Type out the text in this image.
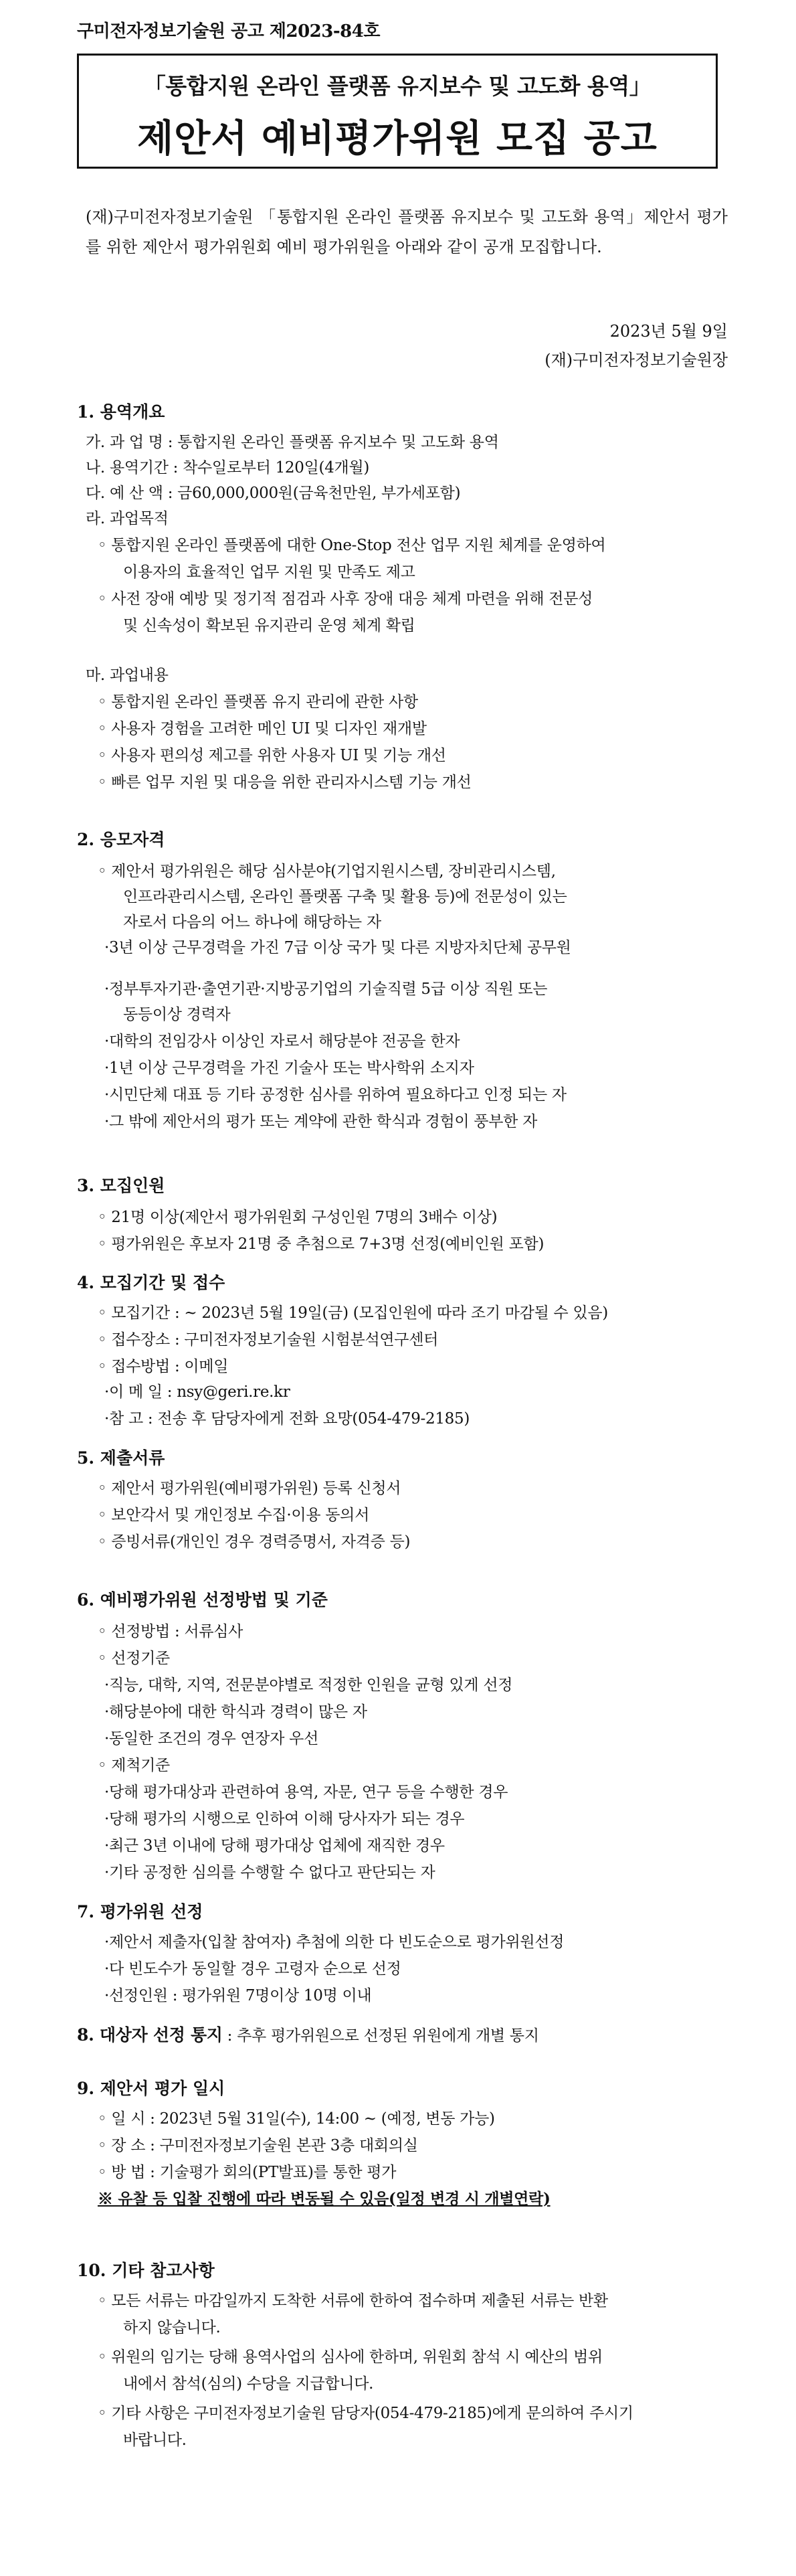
구미전자정보기술원 공고 제2023-84호
「통합지원 온라인 플랫폼 유지보수 및 고도화 용역」
제안서 예비평가위원 모집 공고
(재)구미전자정보기술원 「통합지원 온라인 플랫폼 유지보수 및 고도화 용역」제안서 평가를 위한 제안서 평가위원회 예비 평가위원을 아래와 같이 공개 모집합니다.
2023년 5월 9일
(재)구미전자정보기술원장
1. 용역개요
가. 과 업 명 : 통합지원 온라인 플랫폼 유지보수 및 고도화 용역
나. 용역기간 : 착수일로부터 120일(4개월)
다. 예 산 액 : 금60,000,000원(금육천만원, 부가세포함)
라. 과업목적
◦ 통합지원 온라인 플랫폼에 대한 One-Stop 전산 업무 지원 체계를 운영하여
이용자의 효율적인 업무 지원 및 만족도 제고
◦ 사전 장애 예방 및 정기적 점검과 사후 장애 대응 체계 마련을 위해 전문성
및 신속성이 확보된 유지관리 운영 체계 확립
마. 과업내용
◦ 통합지원 온라인 플랫폼 유지 관리에 관한 사항
◦ 사용자 경험을 고려한 메인 UI 및 디자인 재개발
◦ 사용자 편의성 제고를 위한 사용자 UI 및 기능 개선
◦ 빠른 업무 지원 및 대응을 위한 관리자시스템 기능 개선
2. 응모자격
◦ 제안서 평가위원은 해당 심사분야(기업지원시스템, 장비관리시스템,
인프라관리시스템, 온라인 플랫폼 구축 및 활용 등)에 전문성이 있는
자로서 다음의 어느 하나에 해당하는 자
·3년 이상 근무경력을 가진 7급 이상 국가 및 다른 지방자치단체 공무원
·정부투자기관·출연기관·지방공기업의 기술직렬 5급 이상 직원 또는
동등이상 경력자
·대학의 전임강사 이상인 자로서 해당분야 전공을 한자
·1년 이상 근무경력을 가진 기술사 또는 박사학위 소지자
·시민단체 대표 등 기타 공정한 심사를 위하여 필요하다고 인정 되는 자
·그 밖에 제안서의 평가 또는 계약에 관한 학식과 경험이 풍부한 자
3. 모집인원
◦ 21명 이상(제안서 평가위원회 구성인원 7명의 3배수 이상)
◦ 평가위원은 후보자 21명 중 추첨으로 7+3명 선정(예비인원 포함)
4. 모집기간 및 접수
◦ 모집기간 : ~ 2023년 5월 19일(금) (모집인원에 따라 조기 마감될 수 있음)
◦ 접수장소 : 구미전자정보기술원 시험분석연구센터
◦ 접수방법 : 이메일
·이 메 일 : nsy@geri.re.kr
·참 고 : 전송 후 담당자에게 전화 요망(054-479-2185)
5. 제출서류
◦ 제안서 평가위원(예비평가위원) 등록 신청서
◦ 보안각서 및 개인정보 수집·이용 동의서
◦ 증빙서류(개인인 경우 경력증명서, 자격증 등)
6. 예비평가위원 선정방법 및 기준
◦ 선정방법 : 서류심사
◦ 선정기준
·직능, 대학, 지역, 전문분야별로 적정한 인원을 균형 있게 선정
·해당분야에 대한 학식과 경력이 많은 자
·동일한 조건의 경우 연장자 우선
◦ 제척기준
·당해 평가대상과 관련하여 용역, 자문, 연구 등을 수행한 경우
·당해 평가의 시행으로 인하여 이해 당사자가 되는 경우
·최근 3년 이내에 당해 평가대상 업체에 재직한 경우
·기타 공정한 심의를 수행할 수 없다고 판단되는 자
7. 평가위원 선정
·제안서 제출자(입찰 참여자) 추첨에 의한 다 빈도순으로 평가위원선정
·다 빈도수가 동일할 경우 고령자 순으로 선정
·선정인원 : 평가위원 7명이상 10명 이내
8. 대상자 선정 통지 : 추후 평가위원으로 선정된 위원에게 개별 통지
9. 제안서 평가 일시
◦ 일 시 : 2023년 5월 31일(수), 14:00 ~ (예정, 변동 가능)
◦ 장 소 : 구미전자정보기술원 본관 3층 대회의실
◦ 방 법 : 기술평가 회의(PT발표)를 통한 평가
※ 유찰 등 입찰 진행에 따라 변동될 수 있음(일정 변경 시 개별연락)
10. 기타 참고사항
◦ 모든 서류는 마감일까지 도착한 서류에 한하여 접수하며 제출된 서류는 반환
하지 않습니다.
◦ 위원의 임기는 당해 용역사업의 심사에 한하며, 위원회 참석 시 예산의 범위
내에서 참석(심의) 수당을 지급합니다.
◦ 기타 사항은 구미전자정보기술원 담당자(054-479-2185)에게 문의하여 주시기
바랍니다.
